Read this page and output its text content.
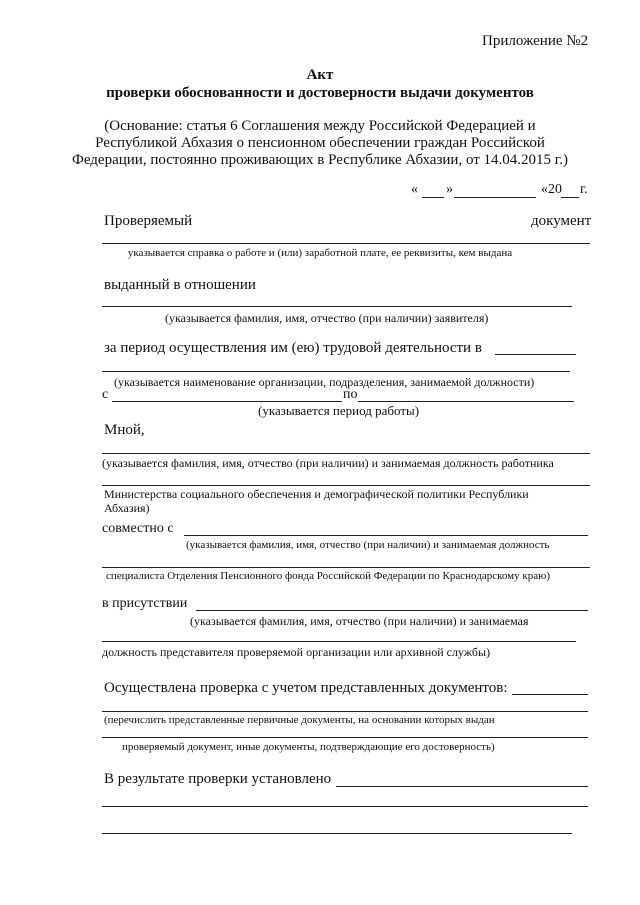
Приложение №2
Акт
проверки обоснованности и достоверности выдачи документов
(Основание: статья 6 Соглашения между Российской Федерацией и
Республикой Абхазия о пенсионном обеспечении граждан Российской
Федерации, постоянно проживающих в Республике Абхазии, от 14.04.2015 г.)
« »	«20 г.
Проверяемый	документ
указывается справка о работе и (или) заработной плате, ее реквизиты, кем выдана
выданный в отношении
(указывается фамилия, имя, отчество (при наличии) заявителя)
за период осуществления им (ею) трудовой деятельности в
(указывается наименование организации, подразделения, занимаемой должности)
с	по
(указывается период работы)
Мной,
(указывается фамилия, имя, отчество (при наличии) и занимаемая должность работника
Министерства социального обеспечения и демографической политики Республики
Абхазия)
совместно с
(указывается фамилия, имя, отчество (при наличии) и занимаемая должность
специалиста Отделения Пенсионного фонда Российской Федерации по Краснодарскому краю)
в присутствии
(указывается фамилия, имя, отчество (при наличии) и занимаемая
должность представителя проверяемой организации или архивной службы)
Осуществлена проверка с учетом представленных документов:
(перечислить представленные первичные документы, на основании которых выдан
проверяемый документ, иные документы, подтверждающие его достоверность)
В результате проверки установлено
